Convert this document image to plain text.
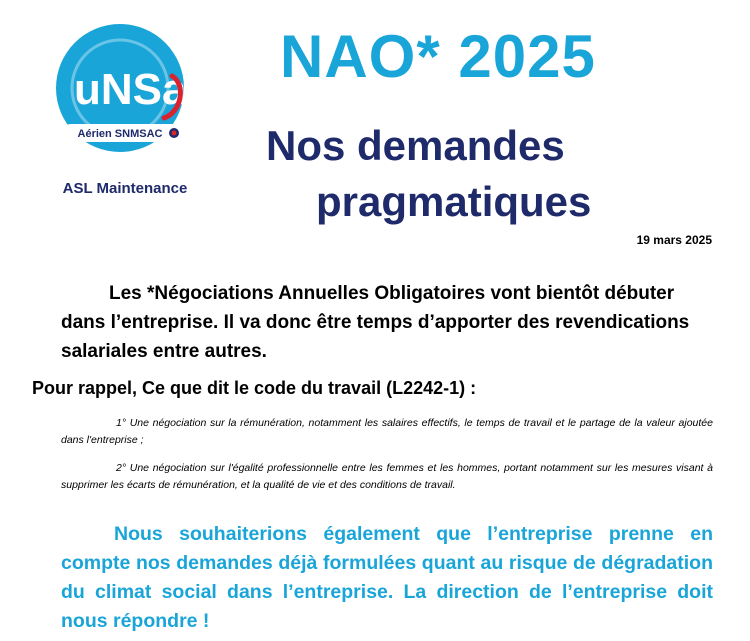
uNSa
Aérien SNMSAC
ASL Maintenance
NAO* 2025
Nos demandes
pragmatiques
19 mars 2025

Les *Négociations Annuelles Obligatoires vont bientôt débuter dans l’entreprise. Il va donc être temps d’apporter des revendications salariales entre autres.

Pour rappel, Ce que dit le code du travail (L2242-1) :

1° Une négociation sur la rémunération, notamment les salaires effectifs, le temps de travail et le partage de la valeur ajoutée dans l'entreprise ;

2° Une négociation sur l'égalité professionnelle entre les femmes et les hommes, portant notamment sur les mesures visant à supprimer les écarts de rémunération, et la qualité de vie et des conditions de travail.

Nous souhaiterions également que l’entreprise prenne en compte nos demandes déjà formulées quant au risque de dégradation du climat social dans l’entreprise. La direction de l’entreprise doit nous répondre !
